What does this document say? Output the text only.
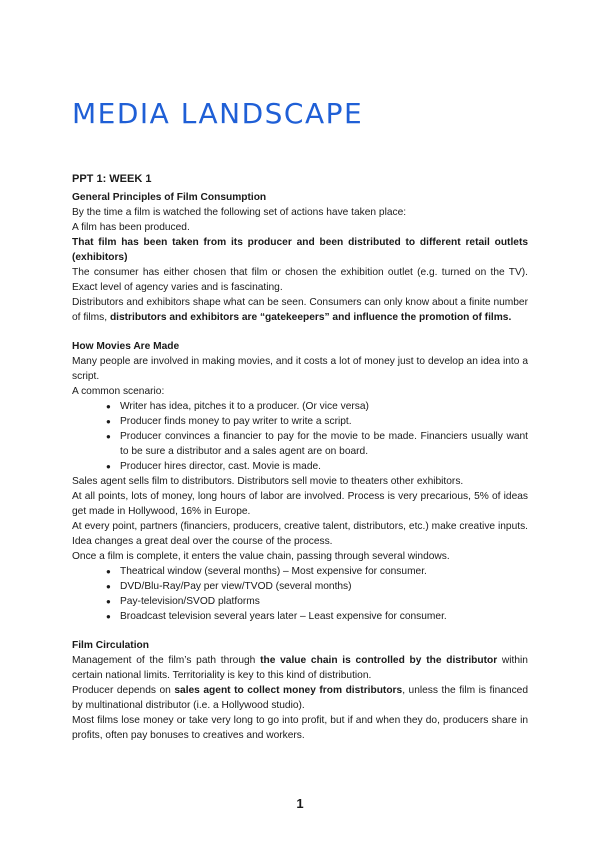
MEDIA LANDSCAPE
PPT 1: WEEK 1
General Principles of Film Consumption

By the time a film is watched the following set of actions have taken place:

A film has been produced.

That film has been taken from its producer and been distributed to different retail outlets (exhibitors)

The consumer has either chosen that film or chosen the exhibition outlet (e.g. turned on the TV). Exact level of agency varies and is fascinating.

Distributors and exhibitors shape what can be seen. Consumers can only know about a finite number of films, distributors and exhibitors are “gatekeepers” and influence the promotion of films.

How Movies Are Made

Many people are involved in making movies, and it costs a lot of money just to develop an idea into a script.

A common scenario:

● Writer has idea, pitches it to a producer. (Or vice versa)
● Producer finds money to pay writer to write a script.
● Producer convinces a financier to pay for the movie to be made. Financiers usually want to be sure a distributor and a sales agent are on board.
● Producer hires director, cast. Movie is made.

Sales agent sells film to distributors. Distributors sell movie to theaters other exhibitors.

At all points, lots of money, long hours of labor are involved. Process is very precarious, 5% of ideas get made in Hollywood, 16% in Europe.

At every point, partners (financiers, producers, creative talent, distributors, etc.) make creative inputs. Idea changes a great deal over the course of the process.

Once a film is complete, it enters the value chain, passing through several windows.

● Theatrical window (several months) – Most expensive for consumer.
● DVD/Blu-Ray/Pay per view/TVOD (several months)
● Pay-television/SVOD platforms
● Broadcast television several years later – Least expensive for consumer.
Film Circulation

Management of the film’s path through the value chain is controlled by the distributor within certain national limits. Territoriality is key to this kind of distribution.

Producer depends on sales agent to collect money from distributors, unless the film is financed by multinational distributor (i.e. a Hollywood studio).

Most films lose money or take very long to go into profit, but if and when they do, producers share in profits, often pay bonuses to creatives and workers.

1
